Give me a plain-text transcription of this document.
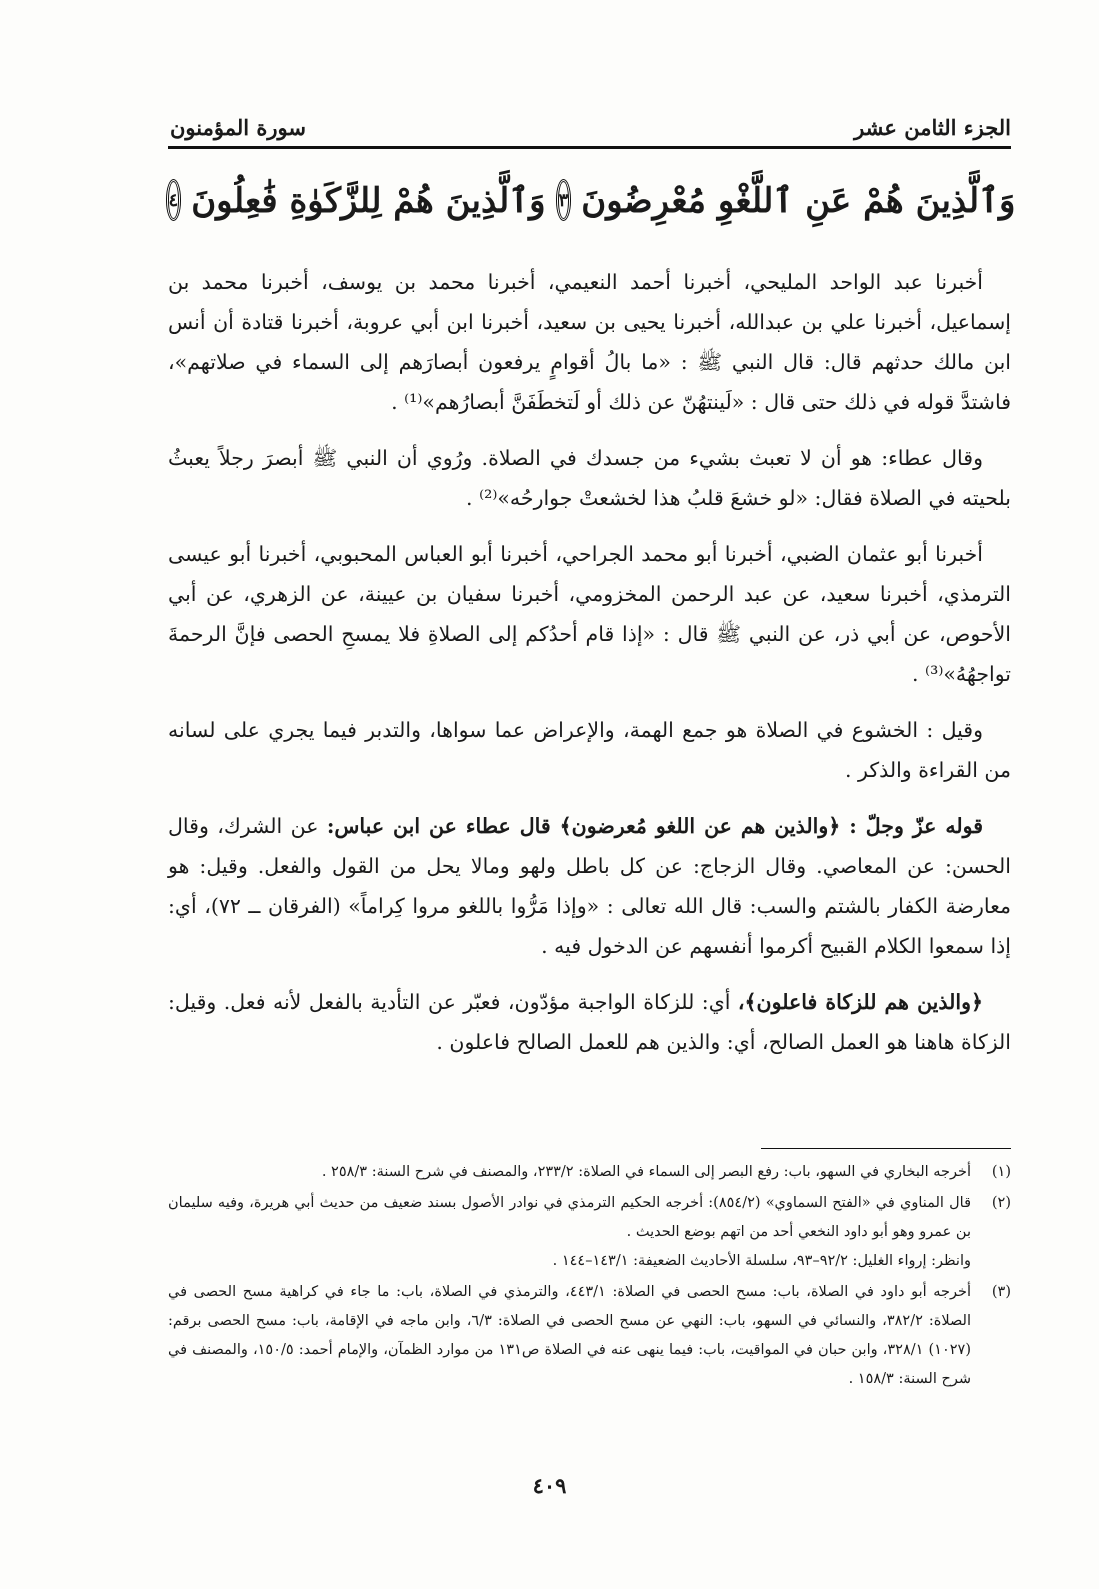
الجزء الثامن عشر
سورة المؤمنون
وَٱلَّذِينَ هُمْ عَنِ ٱللَّغْوِ مُعْرِضُونَ
٣
وَٱلَّذِينَ هُمْ لِلزَّكَوٰةِ فَٰعِلُونَ
٤

أخبرنا عبد الواحد المليحي، أخبرنا أحمد النعيمي، أخبرنا محمد بن يوسف، أخبرنا محمد بن إسماعيل، أخبرنا علي بن عبدالله، أخبرنا يحيى بن سعيد، أخبرنا ابن أبي عروبة، أخبرنا قتادة أن أنس ابن مالك حدثهم قال: قال النبي ﷺ : «ما بالُ أقوامٍ يرفعون أبصارَهم إلى السماء في صلاتهم»، فاشتدَّ قوله في ذلك حتى قال : «لَينتهُنّ عن ذلك أو لَتخطَفَنَّ أبصارُهم»⁽¹⁾ .

وقال عطاء: هو أن لا تعبث بشيء من جسدك في الصلاة. ورُوي أن النبي ﷺ أبصرَ رجلاً يعبثُ بلحيته في الصلاة فقال: «لو خشعَ قلبُ هذا لخشعتْ جوارحُه»⁽²⁾ .

أخبرنا أبو عثمان الضبي، أخبرنا أبو محمد الجراحي، أخبرنا أبو العباس المحبوبي، أخبرنا أبو عيسى الترمذي، أخبرنا سعيد، عن عبد الرحمن المخزومي، أخبرنا سفيان بن عيينة، عن الزهري، عن أبي الأحوص، عن أبي ذر، عن النبي ﷺ قال : «إذا قام أحدُكم إلى الصلاةِ فلا يمسحِ الحصى فإنَّ الرحمةَ تواجهُهُ»⁽³⁾ .

وقيل : الخشوع في الصلاة هو جمع الهمة، والإعراض عما سواها، والتدبر فيما يجري على لسانه من القراءة والذكر .

قوله عزّ وجلّ : ﴿والذين هم عن اللغو مُعرضون﴾ قال عطاء عن ابن عباس: عن الشرك، وقال الحسن: عن المعاصي. وقال الزجاج: عن كل باطل ولهو ومالا يحل من القول والفعل. وقيل: هو معارضة الكفار بالشتم والسب: قال الله تعالى : «وإذا مَرُّوا باللغو مروا كِراماً» (الفرقان ــ ٧٢)، أي: إذا سمعوا الكلام القبيح أكرموا أنفسهم عن الدخول فيه .

﴿والذين هم للزكاة فاعلون﴾، أي: للزكاة الواجبة مؤدّون، فعبّر عن التأدية بالفعل لأنه فعل. وقيل: الزكاة هاهنا هو العمل الصالح، أي: والذين هم للعمل الصالح فاعلون .

(١)
أخرجه البخاري في السهو، باب: رفع البصر إلى السماء في الصلاة: ٢٣٣/٢، والمصنف في شرح السنة: ٢٥٨/٣ .
(٢)
قال المناوي في «الفتح السماوي» (٨٥٤/٢): أخرجه الحكيم الترمذي في نوادر الأصول بسند ضعيف من حديث أبي هريرة، وفيه سليمان بن عمرو وهو أبو داود النخعي أحد من اتهم بوضع الحديث .
وانظر: إرواء الغليل: ٩٢/٢–٩٣، سلسلة الأحاديث الضعيفة: ١٤٣/١–١٤٤ .
(٣)
أخرجه أبو داود في الصلاة، باب: مسح الحصى في الصلاة: ٤٤٣/١، والترمذي في الصلاة، باب: ما جاء في كراهية مسح الحصى في الصلاة: ٣٨٢/٢، والنسائي في السهو، باب: النهي عن مسح الحصى في الصلاة: ٦/٣، وابن ماجه في الإقامة، باب: مسح الحصى برقم: (١٠٢٧) ٣٢٨/١، وابن حبان في المواقيت، باب: فيما ينهى عنه في الصلاة ص١٣١ من موارد الظمآن، والإمام أحمد: ١٥٠/٥، والمصنف في شرح السنة: ١٥٨/٣ .
٤٠٩
